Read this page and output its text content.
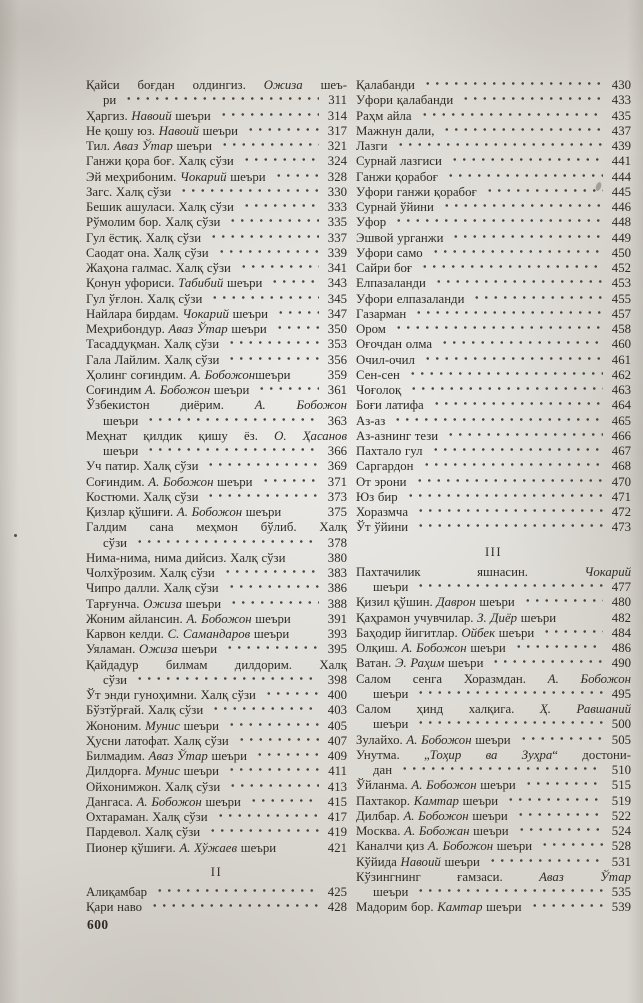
Қайси боғдан олдингиз. Ожиза шеъ-
ри	311
Ҳаргиз. Навоий шеъри	314
Не қошу юз. Навоий шеъри	317
Тил. Аваз Ўтар шеъри	321
Ганжи қора боғ. Халқ сўзи	324
Эй меҳрибоним. Чокарий шеъри	328
Загс. Халқ сўзи	330
Бешик ашуласи. Халқ сўзи	333
Рўмолим бор. Халқ сўзи	335
Гул ёстиқ. Халқ сўзи	337
Саодат она. Халқ сўзи	339
Жаҳона галмас. Халқ сўзи	341
Қонун уфориси. Табибий шеъри	343
Гул ўғлон. Халқ сўзи	345
Найлара бирдам. Чокарий шеъри	347
Меҳрибондур. Аваз Ўтар шеъри	350
Тасаддуқман. Халқ сўзи	353
Гала Лайлим. Халқ сўзи	356
Ҳолинг соғиндим. А. Бобожоншеъри	359
Соғиндим А. Бобожон шеъри	361
Ўзбекистон диёрим. А. Бобожон
шеъри	363
Меҳнат қилдик қишу ёз. О. Ҳасанов
шеъри	366
Уч патир. Халқ сўзи	369
Соғиндим. А. Бобожон шеъри	371
Костюми. Халқ сўзи	373
Қизлар қўшиғи. А. Бобожон шеъри	375
Галдим сана меҳмон бўлиб. Халқ
сўзи	378
Нима-нима, нима дийсиз. Халқ сўзи	380
Чолхўрозим. Халқ сўзи	383
Чипро далли. Халқ сўзи	386
Тарғунча. Ожиза шеъри	388
Жоним айлансин. А. Бобожон шеъри	391
Карвон келди. С. Самандаров шеъри	393
Уяламан. Ожиза шеъри	395
Қайдадур билмам дилдорим. Халқ
сўзи	398
Ўт энди гуноҳимни. Халқ сўзи	400
Бўзтўрғай. Халқ сўзи	403
Жононим. Мунис шеъри	405
Ҳусни латофат. Халқ сўзи	407
Билмадим. Аваз Ўтар шеъри	409
Дилдорға. Мунис шеъри	411
Ойхонимжон. Халқ сўзи	413
Дангаса. А. Бобожон шеъри	415
Охтараман. Халқ сўзи	417
Пардевол. Халқ сўзи	419
Пионер қўшиғи. А. Хўжаев шеъри	421
II
Алиқамбар	425
Қари наво	428
Қалабанди	430
Уфори қалабанди	433
Раҳм айла	435
Мажнун дали,	437
Лазги	439
Сурнай лазгиси	441
Ганжи қорабоғ	444
Уфори ганжи қорабоғ	445
Сурнай ўйини	446
Уфор	448
Эшвой урганжи	449
Уфори само	450
Сайри боғ	452
Елпазаланди	453
Уфори елпазаланди	455
Газарман	457
Ором	458
Оғочдан олма	460
Очил-очил	461
Сен-сен	462
Чоғолоқ	463
Боғи латифа	464
Аз-аз	465
Аз-азнинг тези	466
Пахтало гул	467
Саргардон	468
От эрони	470
Юз бир	471
Хоразмча	472
Ўт ўйини	473
III
Пахтачилик яшнасин. Чокарий
шеъри	477
Қизил қўшин. Даврон шеъри	480
Қаҳрамон учувчилар. З. Диёр шеъри	482
Баҳодир йигитлар. Ойбек шеъри	484
Олқиш. А. Бобожон шеъри	486
Ватан. Э. Раҳим шеъри	490
Салом сенга Хоразмдан. А. Бобожон
шеъри	495
Салом ҳинд халқига. Ҳ. Равшаний
шеъри	500
Зулайхо. А. Бобожон шеъри	505
Унутма. „Тоҳир ва Зуҳра“ достони-
дан	510
Ўйланма. А. Бобожон шеъри	515
Пахтакор. Камтар шеъри	519
Дилбар. А. Бобожон шеъри	522
Москва. А. Бобожан шеъри	524
Каналчи қиз А. Бобожон шеъри	528
Кўйида Навоий шеъри	531
Кўзингнинг ғамзаси. Аваз Ўтар
шеъри	535
Мадорим бор. Камтар шеъри	539
600
